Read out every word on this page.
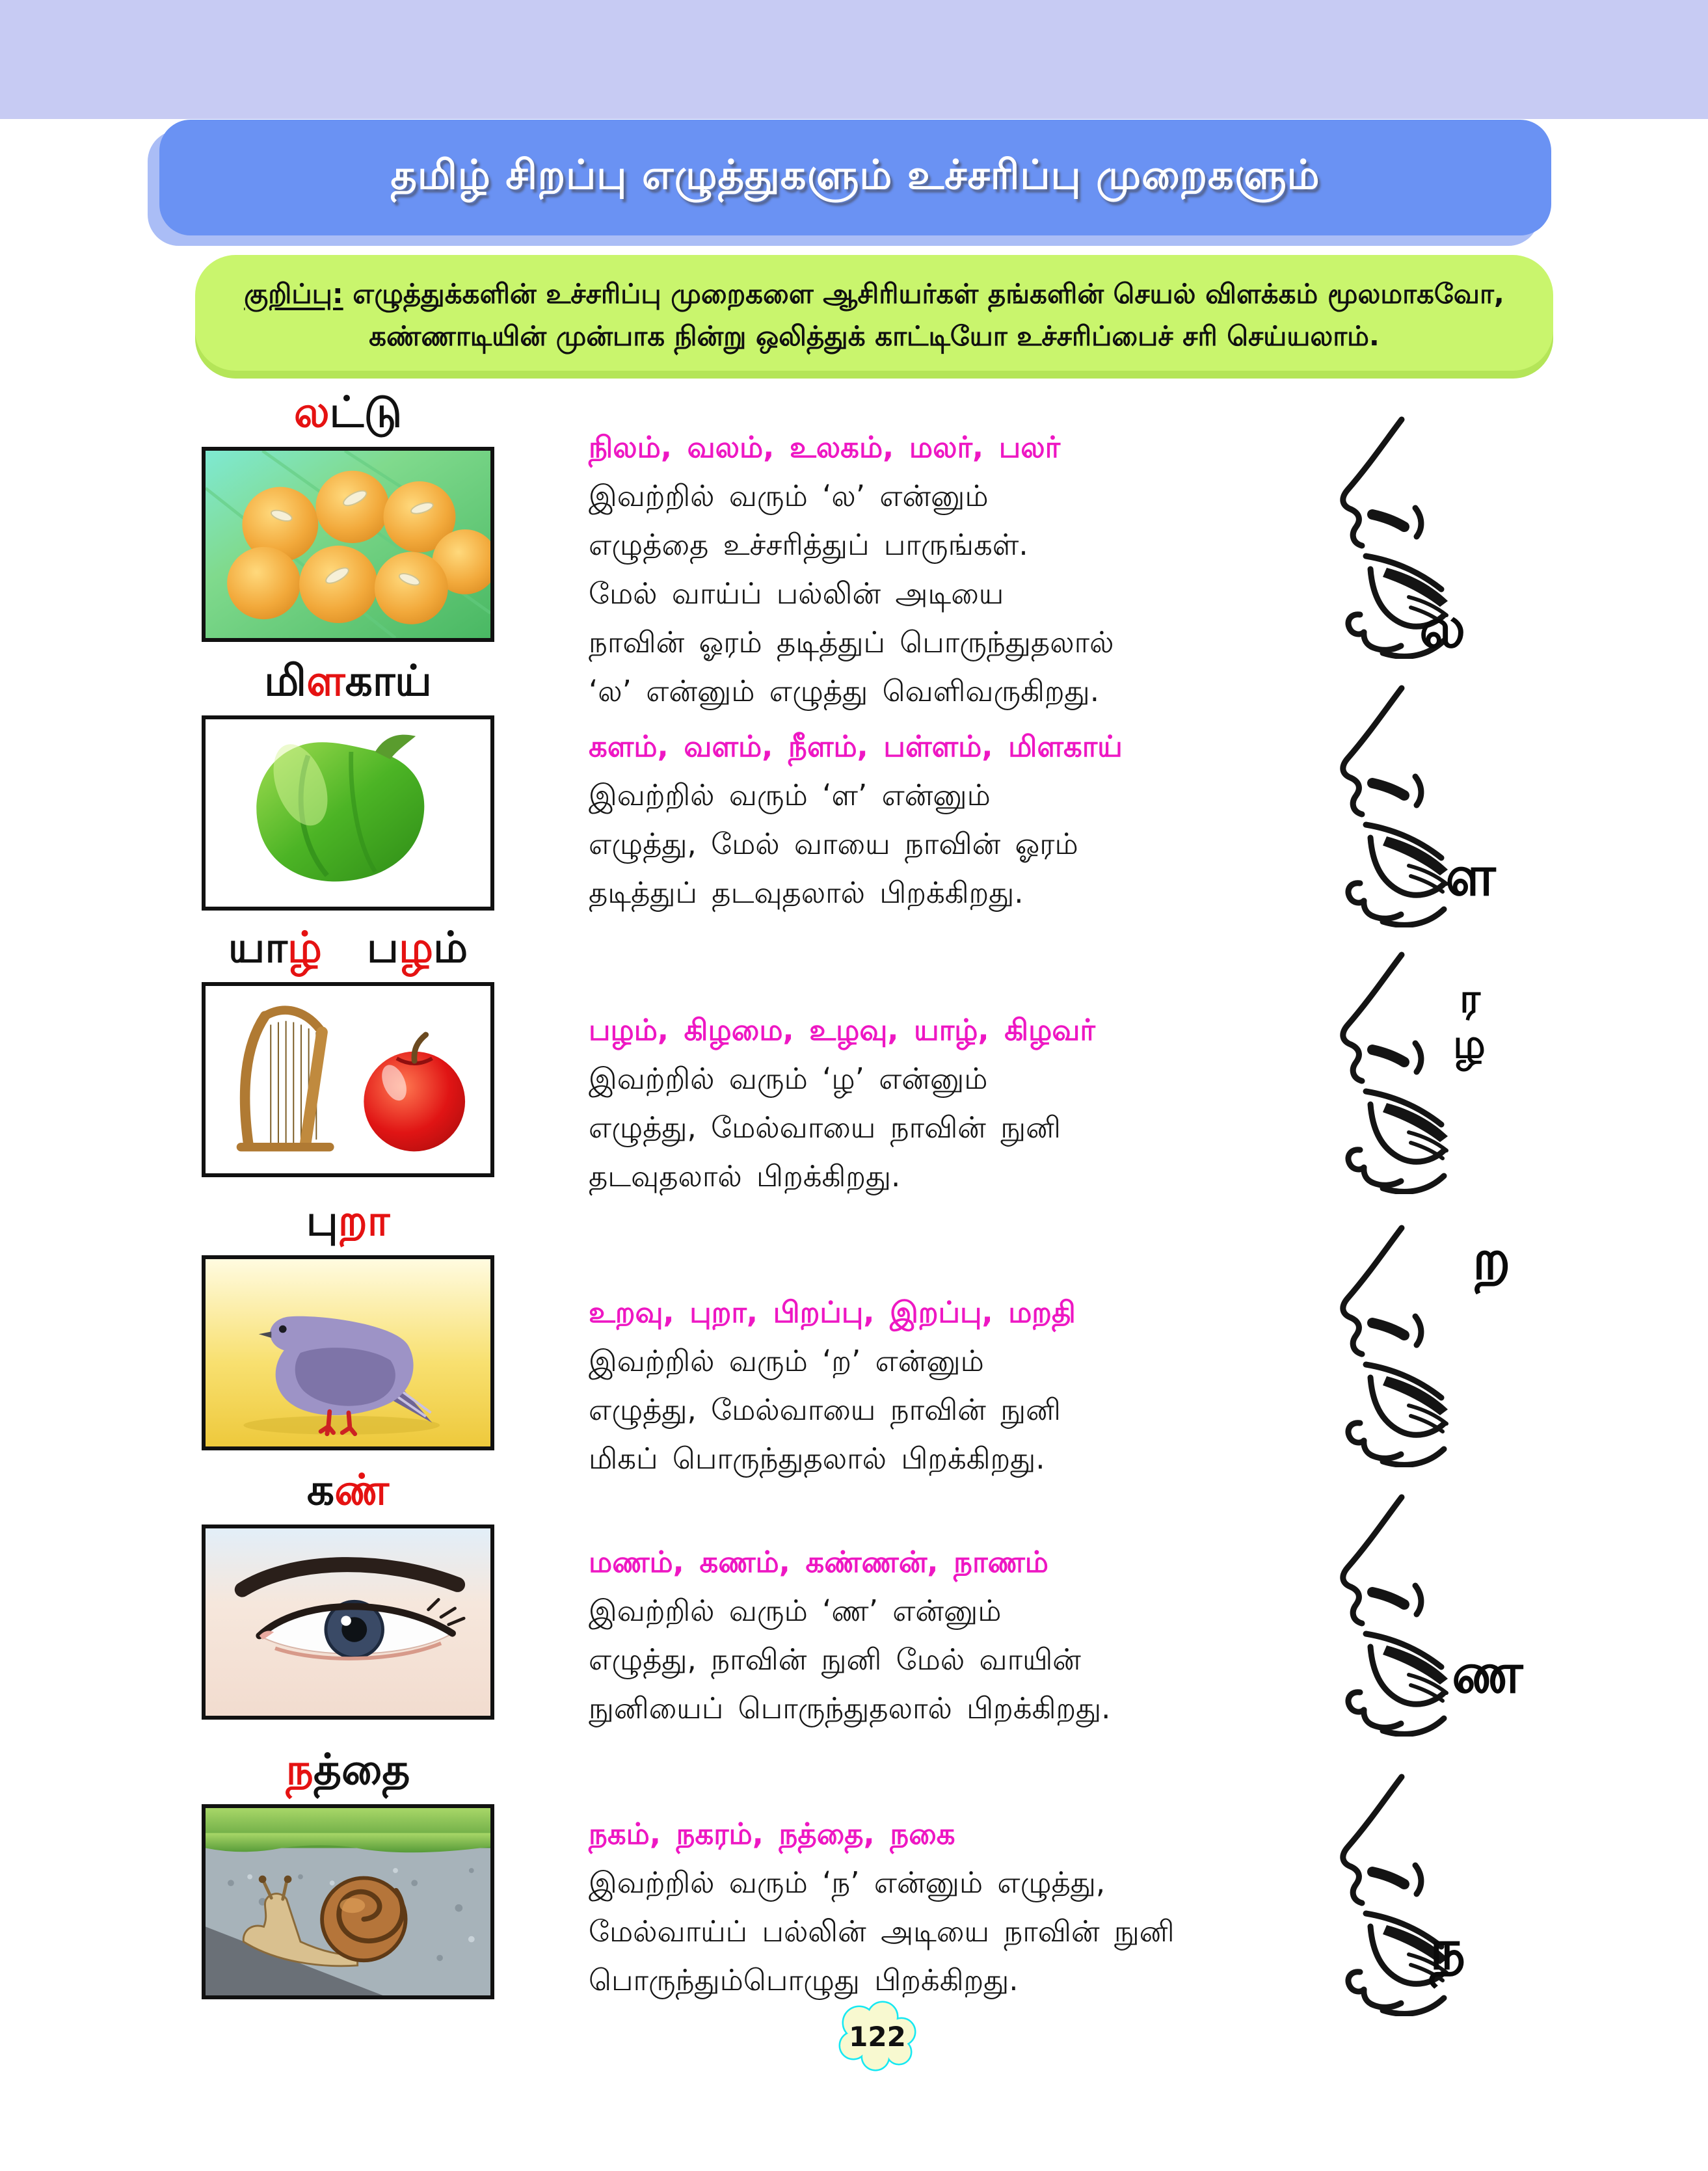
தமிழ் சிறப்பு எழுத்துகளும் உச்சரிப்பு முறைகளும்
குறிப்பு: எழுத்துக்களின் உச்சரிப்பு முறைகளை ஆசிரியர்கள் தங்களின் செயல் விளக்கம் மூலமாகவோ,
கண்ணாடியின் முன்பாக நின்று ஒலித்துக் காட்டியோ உச்சரிப்பைச் சரி செய்யலாம்.
ல ட்டு
நிலம், வலம், உலகம், மலர், பலர்
இவற்றில் வரும் ‘ல’ என்னும்
எழுத்தை உச்சரித்துப் பாருங்கள்.
மேல் வாய்ப் பல்லின் அடியை
நாவின் ஓரம் தடித்துப் பொருந்துதலால்
‘ல’ என்னும் எழுத்து வெளிவருகிறது.
ல
மி ள காய்
களம், வளம், நீளம், பள்ளம், மிளகாய்
இவற்றில் வரும் ‘ள’ என்னும்
எழுத்து, மேல் வாயை நாவின் ஓரம்
தடித்துப் தடவுதலால் பிறக்கிறது.	ள
யா ழ்
ப ழ ம்
பழம், கிழமை, உழவு, யாழ், கிழவர்
இவற்றில் வரும் ‘ழ’ என்னும்
எழுத்து, மேல்வாயை நாவின் நுனி
தடவுதலால் பிறக்கிறது.
ர
ழ
பு றா
உறவு, புறா, பிறப்பு, இறப்பு, மறதி
இவற்றில் வரும் ‘ற’ என்னும்
எழுத்து, மேல்வாயை நாவின் நுனி
மிகப் பொருந்துதலால் பிறக்கிறது.
ற
க ண்
மணம், கணம், கண்ணன், நாணம்
இவற்றில் வரும் ‘ண’ என்னும்
எழுத்து, நாவின் நுனி மேல் வாயின்
நுனியைப் பொருந்துதலால் பிறக்கிறது.
ண
ந த்தை
நகம், நகரம், நத்தை, நகை
இவற்றில் வரும் ‘ந’ என்னும் எழுத்து,
மேல்வாய்ப் பல்லின் அடியை நாவின் நுனி
பொருந்தும்பொழுது பிறக்கிறது.	ந
122
